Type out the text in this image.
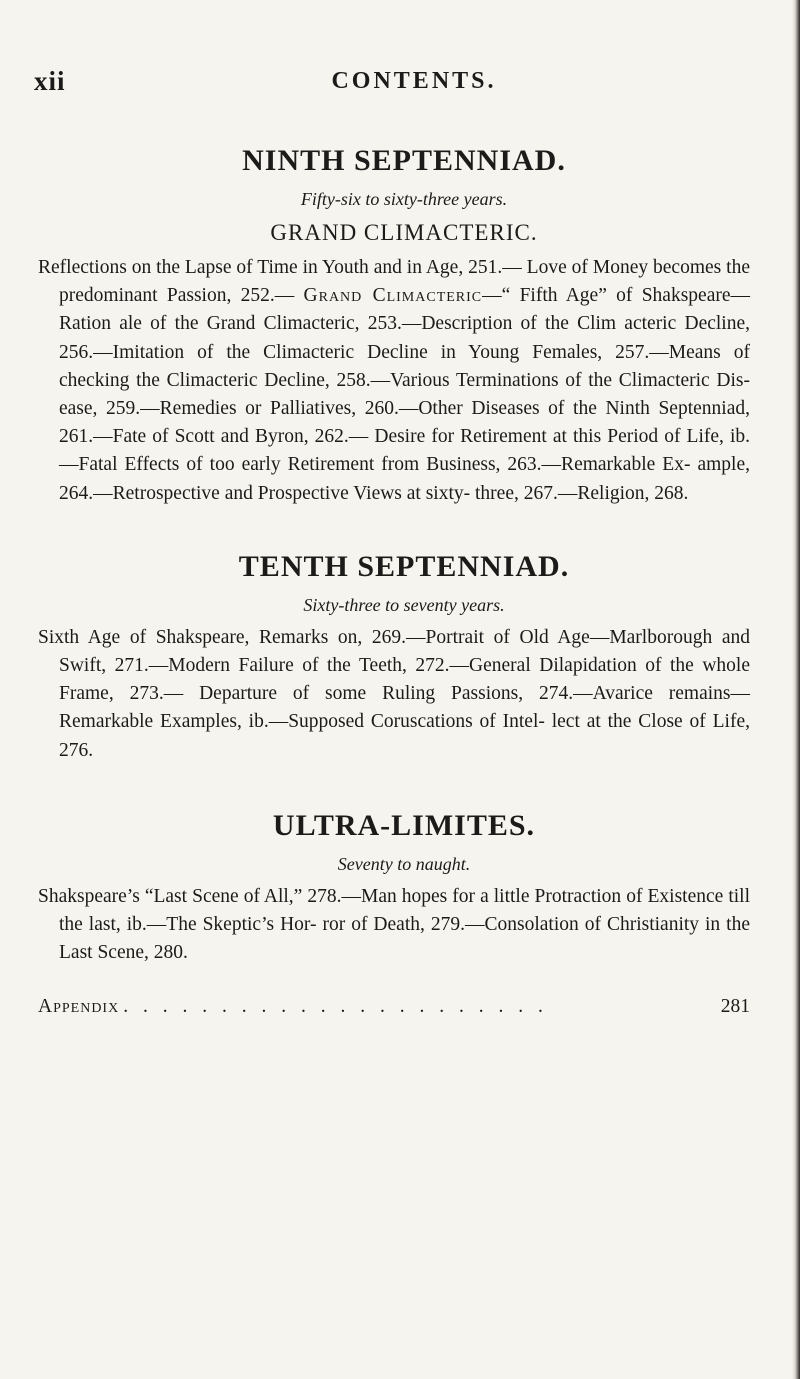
xii	CONTENTS.
NINTH SEPTENNIAD.

Fifty-six to sixty-three years.

GRAND CLIMACTERIC.

Reflections on the Lapse of Time in Youth and in Age, 251.— Love of Money becomes the predominant Passion, 252.— Grand Climacteric—“ Fifth Age” of Shakspeare—Ration ale of the Grand Climacteric, 253.—Description of the Clim acteric Decline, 256.—Imitation of the Climacteric Decline in Young Females, 257.—Means of checking the Climacteric Decline, 258.—Various Terminations of the Climacteric Dis- ease, 259.—Remedies or Palliatives, 260.—Other Diseases of the Ninth Septenniad, 261.—Fate of Scott and Byron, 262.— Desire for Retirement at this Period of Life, ib.—Fatal Effects of too early Retirement from Business, 263.—Remarkable Ex- ample, 264.—Retrospective and Prospective Views at sixty- three, 267.—Religion, 268.

TENTH SEPTENNIAD.

Sixty-three to seventy years.

Sixth Age of Shakspeare, Remarks on, 269.—Portrait of Old Age—Marlborough and Swift, 271.—Modern Failure of the Teeth, 272.—General Dilapidation of the whole Frame, 273.— Departure of some Ruling Passions, 274.—Avarice remains— Remarkable Examples, ib.—Supposed Coruscations of Intel- lect at the Close of Life, 276.

ULTRA-LIMITES.

Seventy to naught.

Shakspeare’s “Last Scene of All,” 278.—Man hopes for a little Protraction of Existence till the last, ib.—The Skeptic’s Hor- ror of Death, 279.—Consolation of Christianity in the Last Scene, 280.

Appendix . . . . . . . . . . . . . . . . . . . . . .	281
